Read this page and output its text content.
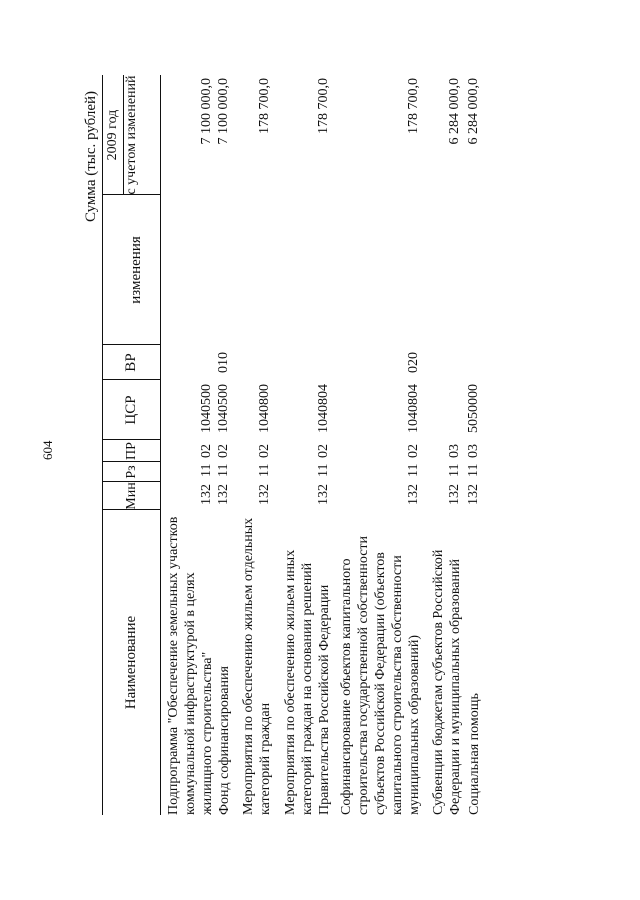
604
Сумма (тыс. рублей)
Наименование
Мин
Рз
ПР
ЦСР
ВР
2009 год
изменения
с учетом изменений
Подпрограмма "Обеспечение земельных участков коммунальной инфраструктурой в целях жилищного строительства"
132
11
02
1040500
7 100 000,0
Фонд софинансирования
132
11
02
1040500
010
7 100 000,0
Мероприятия по обеспечению жильем отдельных категорий граждан
132
11
02
1040800
178 700,0
Мероприятия по обеспечению жильем иных категорий граждан на основании решений Правительства Российской Федерации
132
11
02
1040804
178 700,0
Софинансирование объектов капитального строительства государственной собственности субъектов Российской Федерации (объектов капитального строительства собственности муниципальных образований)
132
11
02
1040804
020
178 700,0
Субвенции бюджетам субъектов Российской Федерации и муниципальных образований
132
11
03
6 284 000,0
Социальная помощь
132
11
03
5050000
6 284 000,0
